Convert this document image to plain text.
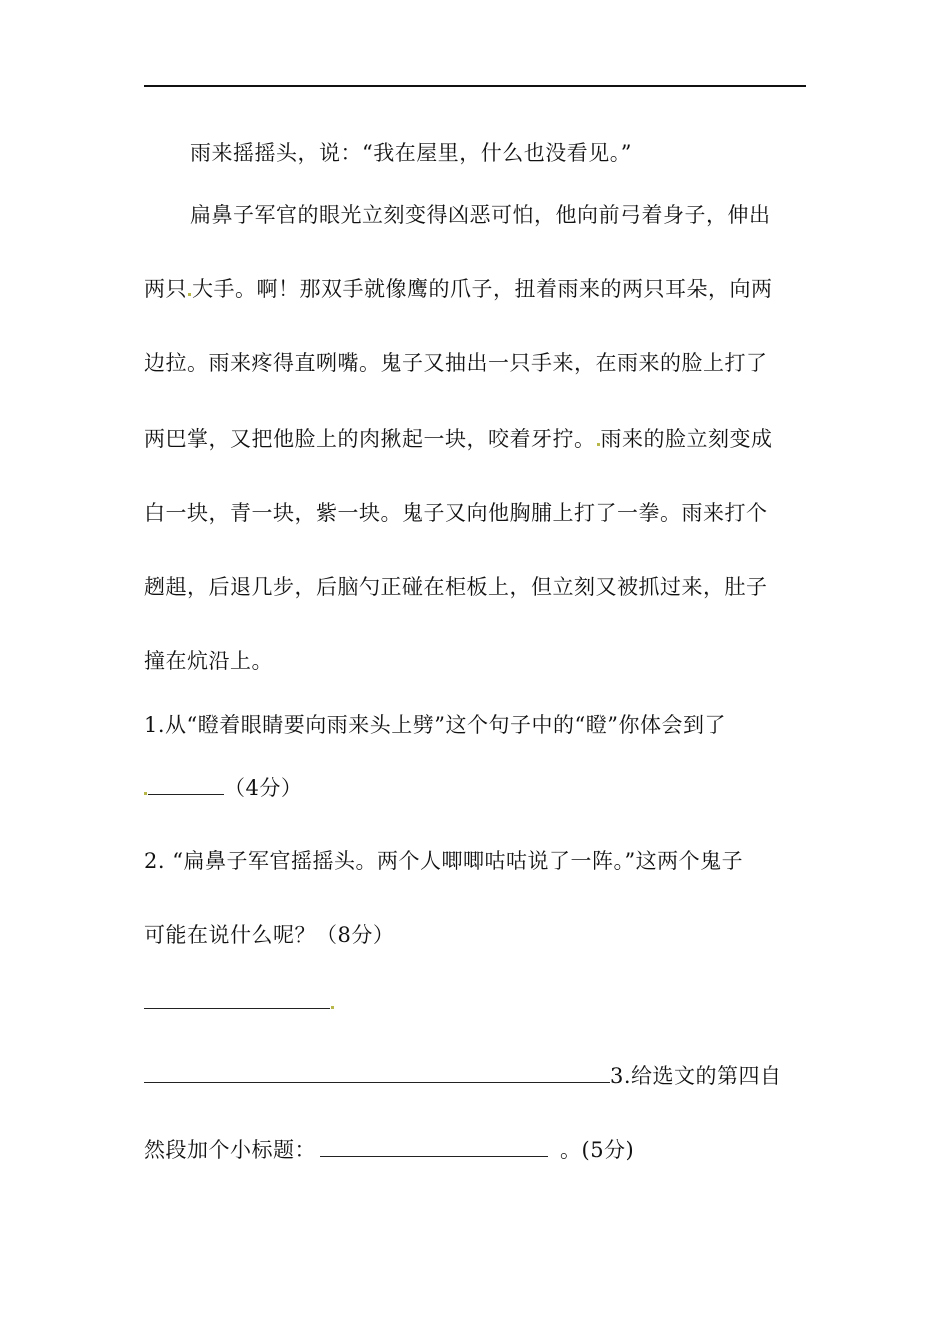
雨来摇摇头，说：“我在屋里，什么也没看见。”
扁鼻子军官的眼光立刻变得凶恶可怕，他向前弓着身子，伸出
两只 大手。啊！那双手就像鹰的爪子，扭着雨来的两只耳朵，向两
边拉。雨来疼得直咧嘴。鬼子又抽出一只手来，在雨来的脸上打了
两巴掌，又把他脸上的肉揪起一块，咬着牙拧。 雨来的脸立刻变成
白一块，青一块，紫一块。鬼子又向他胸脯上打了一拳。雨来打个
趔趄，后退几步，后脑勺正碰在柜板上，但立刻又被抓过来，肚子
撞在炕沿上。
1.从“瞪着眼睛要向雨来头上劈”这个句子中的“瞪”你体会到了
（4分）
2. “扁鼻子军官摇摇头。两个人唧唧咕咕说了一阵。”这两个鬼子
可能在说什么呢？（8分）
3.给选文的第四自
然段加个小标题：	。(5分)
